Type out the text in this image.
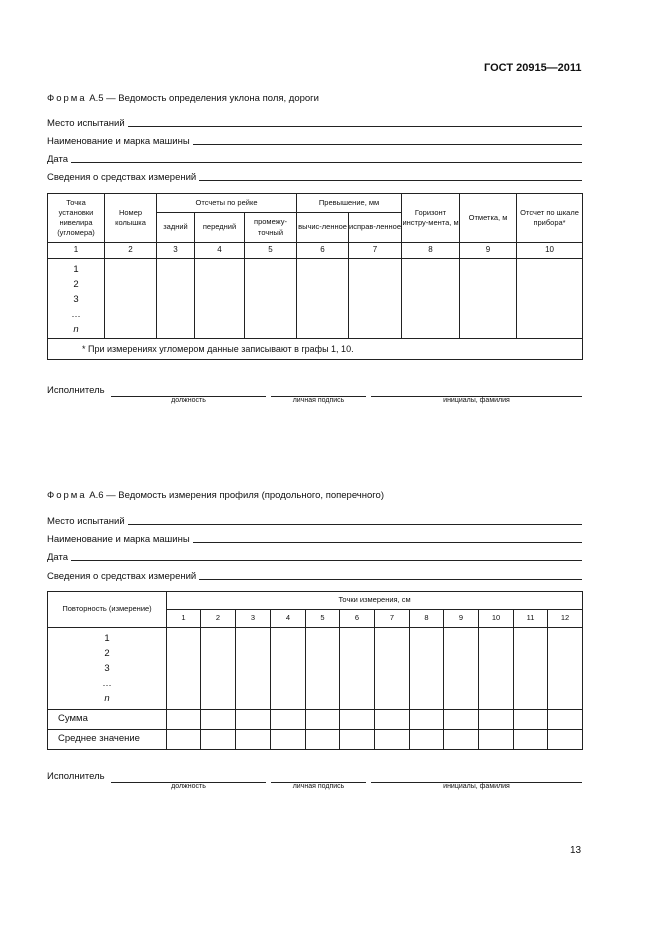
ГОСТ 20915—2011
Форма А.5 — Ведомость определения уклона поля, дороги
Место испытаний
Наименование и марка машины
Дата
Сведения о средствах измерений
Точка установки нивелира (угломера)	Номер колышка	Отсчеты по рейке			Превышение, мм		Горизонт инстру-мента, м	Отметка, м	Отсчет по шкале прибора*
		задний	передний	промежу-точный	вычис-ленное	исправ-ленное			
1	2	3	4	5	6	7	8	9	10

1
2
3
…
n									

* При измерениях угломером данные записывают в графы 1, 10.									
Исполнитель
должность	личная подпись	инициалы, фамилия
Форма А.6 — Ведомость измерения профиля (продольного, поперечного)
Место испытаний
Наименование и марка машины
Дата
Сведения о средствах измерений
Повторность (измерение)	Точки измерения, см											
	1	2	3	4	5	6	7	8	9	10	11	12

1
2
3
…
n												

Сумма												
Среднее значение												
Исполнитель
должность	личная подпись	инициалы, фамилия
13
